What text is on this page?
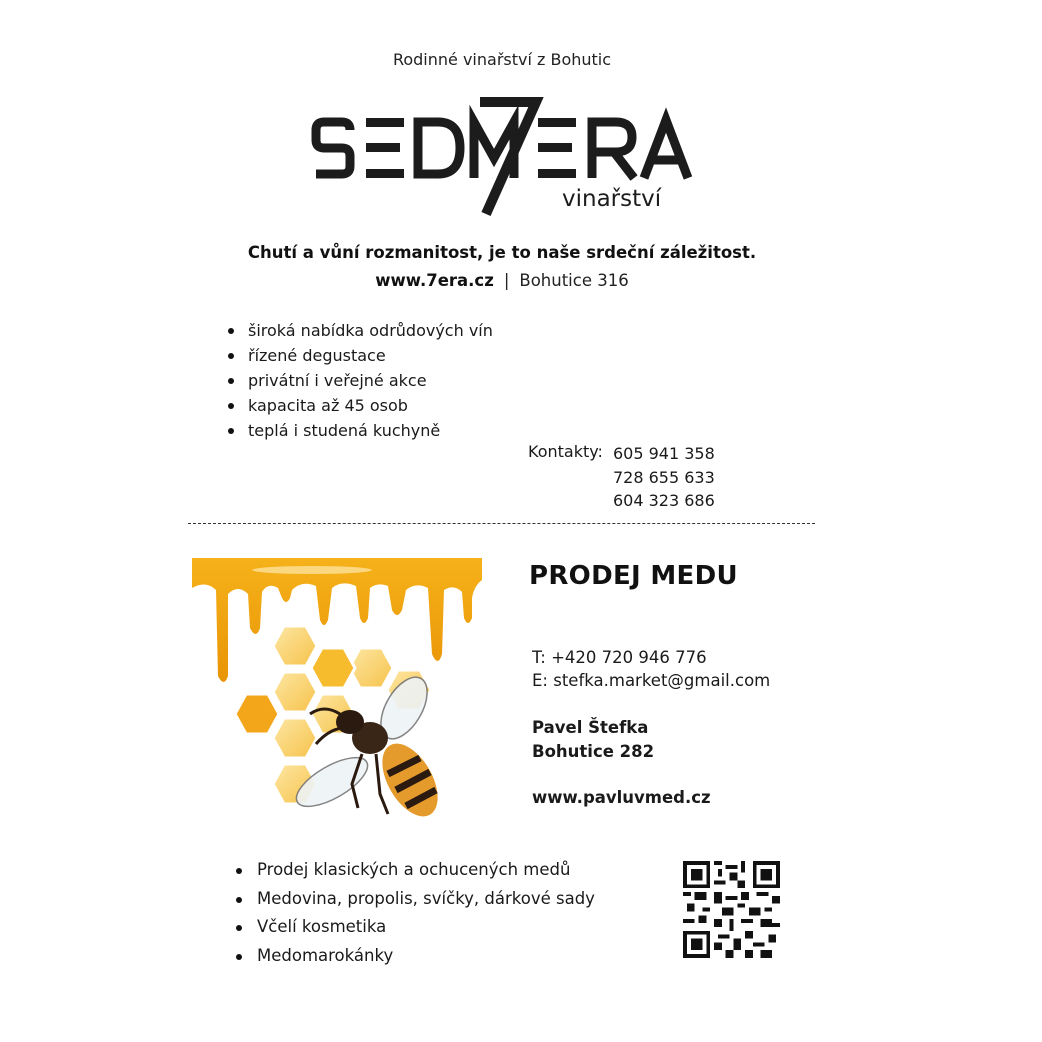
Rodinné vinařství z Bohutic
vinařství
Chutí a vůní rozmanitost, je to naše srdeční záležitost.
www.7era.cz | Bohutice 316
široká nabídka odrůdových vín
řízené degustace
privátní i veřejné akce
kapacita až 45 osob
teplá i studená kuchyně
Kontakty: 605 941 358
728 655 633
604 323 686
PRODEJ MEDU
T: +420 720 946 776
E: stefka.market@gmail.com
Pavel Štefka
Bohutice 282
www.pavluvmed.cz
Prodej klasických a ochucených medů
Medovina, propolis, svíčky, dárkové sady
Včelí kosmetika
Medomarokánky
